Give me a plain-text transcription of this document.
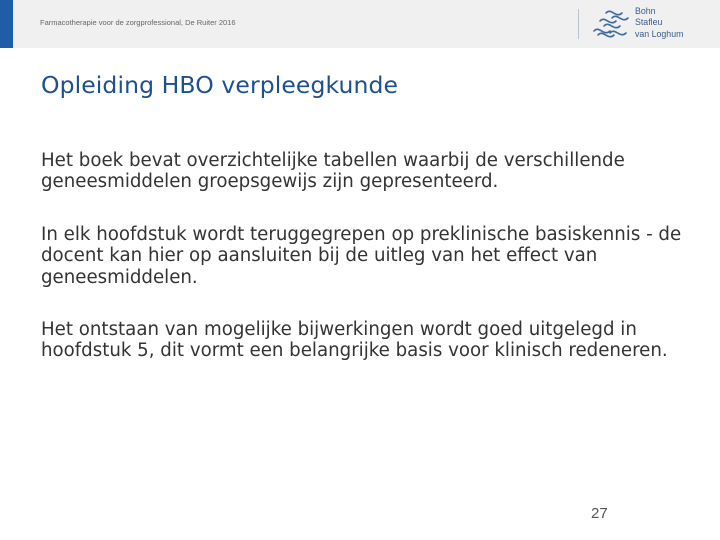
Farmacotherapie voor de zorgprofessional, De Ruiter 2016
Bohn
Stafleu
van Loghum
Opleiding HBO verpleegkunde

Het boek bevat overzichtelijke tabellen waarbij de verschillende geneesmiddelen groepsgewijs zijn gepresenteerd.

In elk hoofdstuk wordt teruggegrepen op preklinische basiskennis - de docent kan hier op aansluiten bij de uitleg van het effect van geneesmiddelen.

Het ontstaan van mogelijke bijwerkingen wordt goed uitgelegd in hoofdstuk 5, dit vormt een belangrijke basis voor klinisch redeneren.

27
